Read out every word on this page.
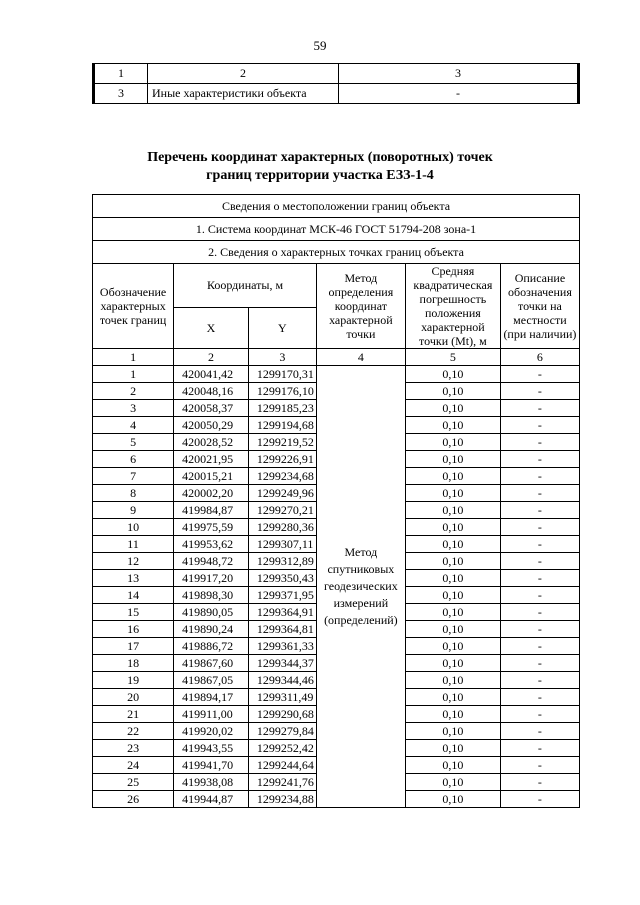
59
1	2	3
3	Иные характеристики объекта	-
Перечень координат характерных (поворотных) точек
границ территории участка ЕЗЗ-1-4
Сведения о местоположении границ объекта					
1. Система координат МСК-46 ГОСТ 51794-208 зона-1					
2. Сведения о характерных точках границ объекта					
Обозначение характерных точек границ	Координаты, м		Метод определения координат характерной точки	Средняя квадратическая погрешность положения характерной точки (Mt), м	Описание обозначения точки на местности (при наличии)
	X	Y			
1	2	3	4	5	6
1	420041,42	1299170,31	Метод спутниковых геодезических измерений (определений)	0,10	-
2	420048,16	1299176,10		0,10	-
3	420058,37	1299185,23		0,10	-
4	420050,29	1299194,68		0,10	-
5	420028,52	1299219,52		0,10	-
6	420021,95	1299226,91		0,10	-
7	420015,21	1299234,68		0,10	-
8	420002,20	1299249,96		0,10	-
9	419984,87	1299270,21		0,10	-
10	419975,59	1299280,36		0,10	-
11	419953,62	1299307,11		0,10	-
12	419948,72	1299312,89		0,10	-
13	419917,20	1299350,43		0,10	-
14	419898,30	1299371,95		0,10	-
15	419890,05	1299364,91		0,10	-
16	419890,24	1299364,81		0,10	-
17	419886,72	1299361,33		0,10	-
18	419867,60	1299344,37		0,10	-
19	419867,05	1299344,46		0,10	-
20	419894,17	1299311,49		0,10	-
21	419911,00	1299290,68		0,10	-
22	419920,02	1299279,84		0,10	-
23	419943,55	1299252,42		0,10	-
24	419941,70	1299244,64		0,10	-
25	419938,08	1299241,76		0,10	-
26	419944,87	1299234,88		0,10	-
